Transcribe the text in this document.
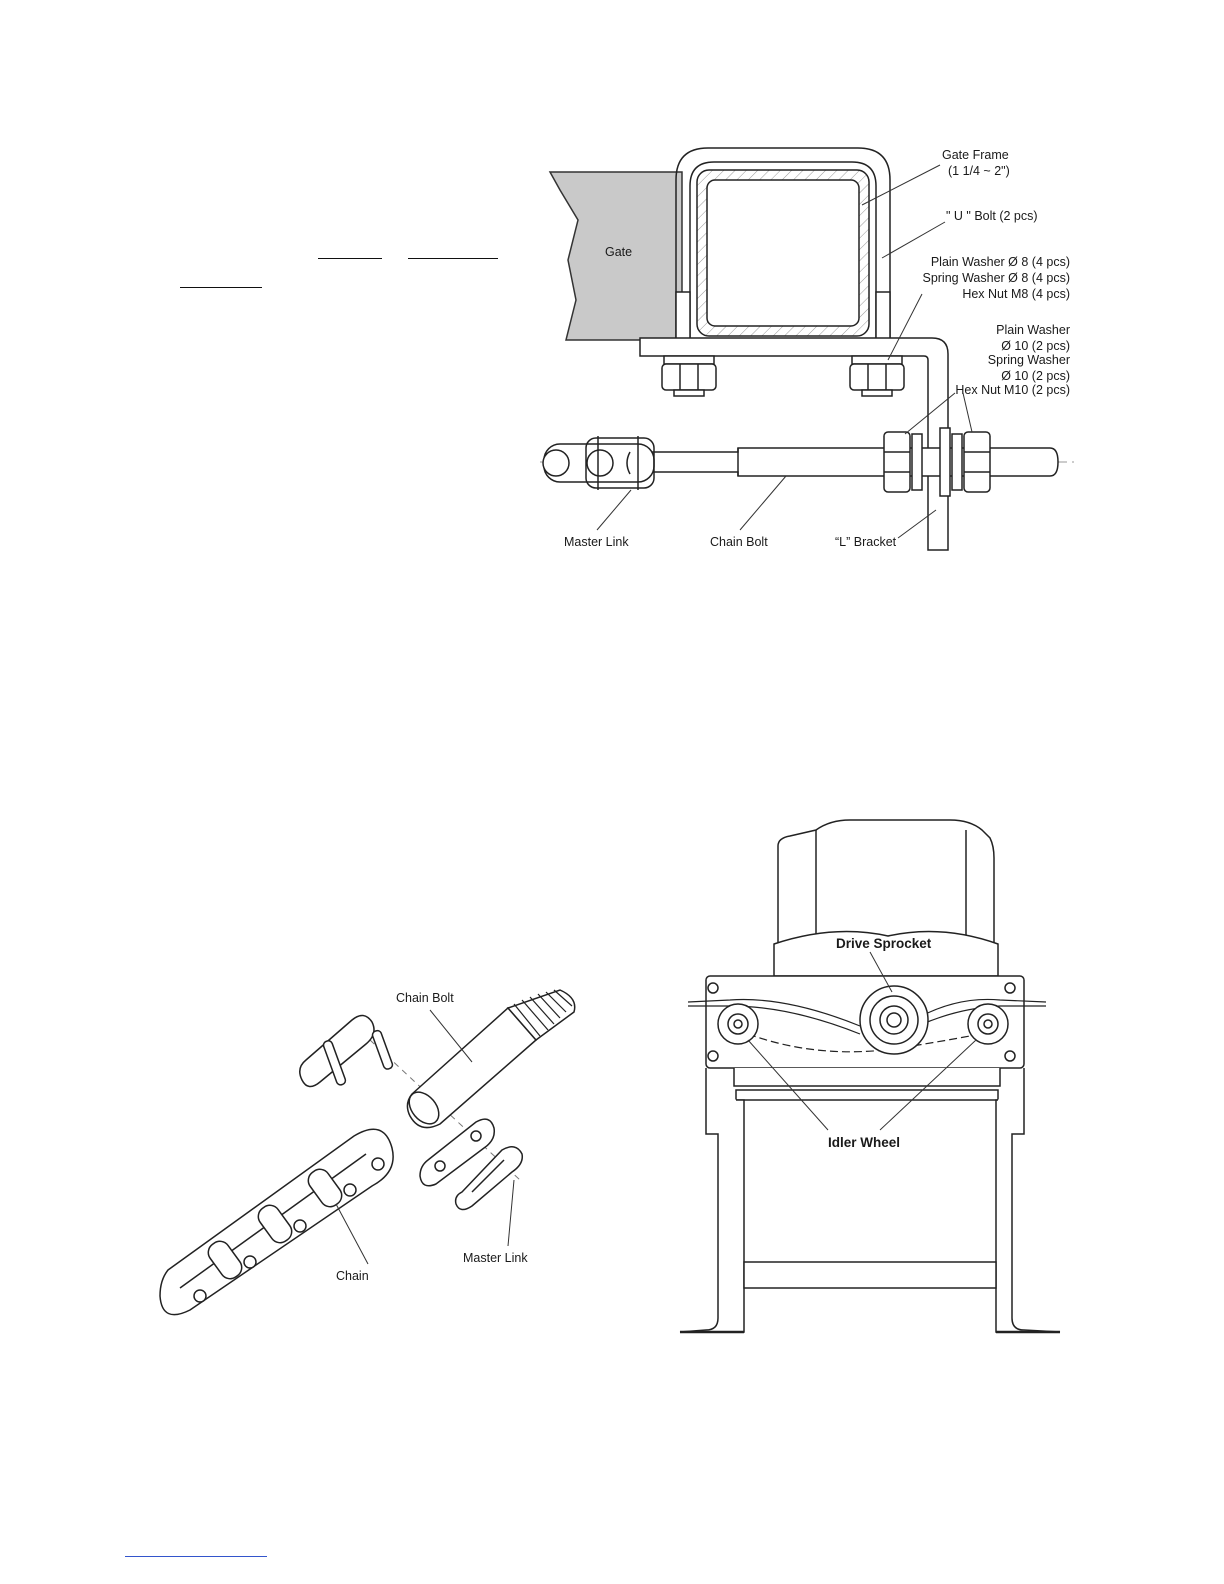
Gate
Gate Frame
(1 1/4 ~ 2")
" U " Bolt (2 pcs)
Plain Washer Ø 8 (4 pcs)
Spring Washer Ø 8 (4 pcs)
Hex Nut M8 (4 pcs)
Plain Washer
Ø 10 (2 pcs)
Spring Washer
Ø 10 (2 pcs)
Hex Nut M10 (2 pcs)
Master Link	Chain Bolt	“L” Bracket
Chain Bolt
Chain
Master Link
Drive Sprocket
Idler Wheel
